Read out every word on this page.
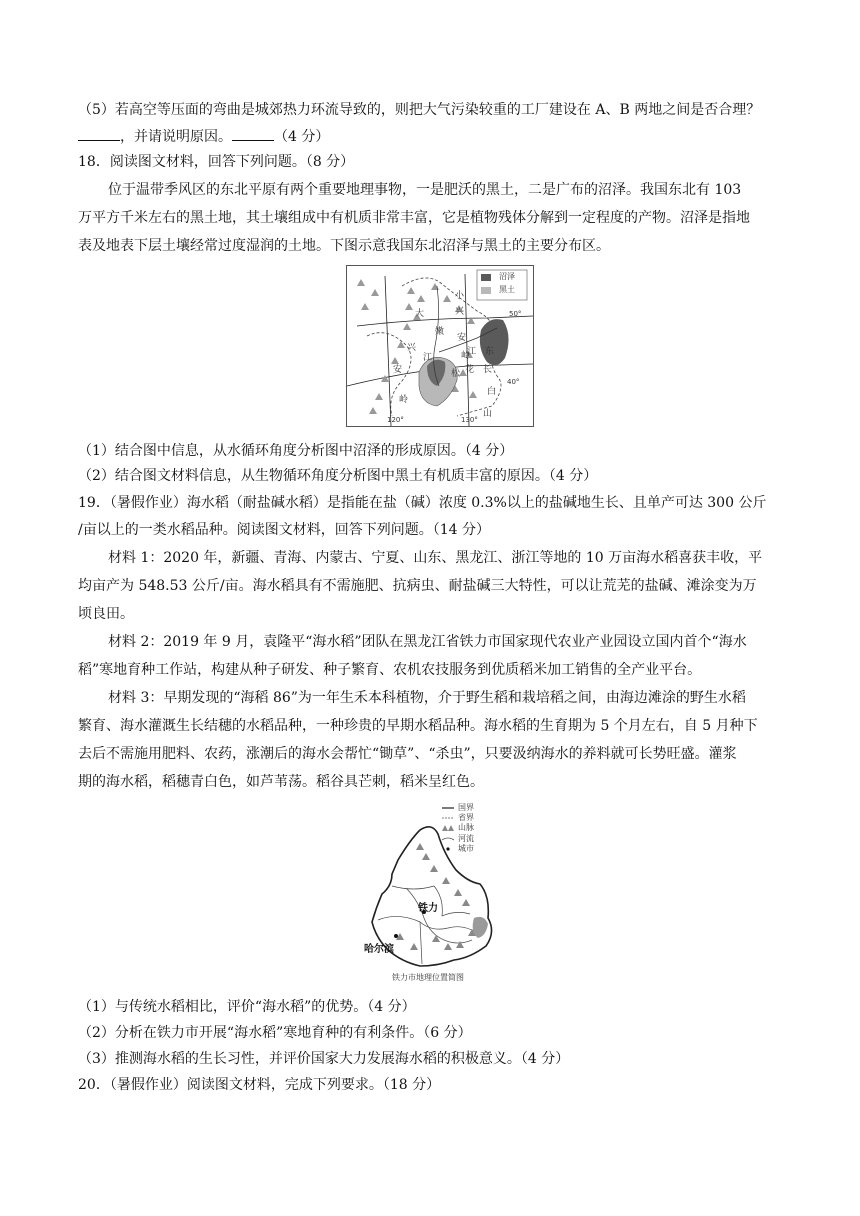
（5）若高空等压面的弯曲是城郊热力环流导致的，则把大气污染较重的工厂建设在 A、B 两地之间是否合理？
，并请说明原因。	（4 分）
18．阅读图文材料，回答下列问题。（8 分）
位于温带季风区的东北平原有两个重要地理事物，一是肥沃的黑土，二是广布的沼泽。我国东北有 103
万平方千米左右的黑土地，其土壤组成中有机质非常丰富，它是植物残体分解到一定程度的产物。沼泽是指地
表及地表下层土壤经常过度湿润的土地。下图示意我国东北沼泽与黑土的主要分布区。
沼泽
黑土
50°
40°
120°	130°
大
兴
安
岭
小
兴
安
岭
嫩
江
松 花
江
长
白
山
东
（1）结合图中信息，从水循环角度分析图中沼泽的形成原因。（4 分）
（2）结合图文材料信息，从生物循环角度分析图中黑土有机质丰富的原因。（4 分）
19．（暑假作业）海水稻（耐盐碱水稻）是指能在盐（碱）浓度 0.3%以上的盐碱地生长、且单产可达 300 公斤
/亩以上的一类水稻品种。阅读图文材料，回答下列问题。（14 分）
材料 1：2020 年，新疆、青海、内蒙古、宁夏、山东、黑龙江、浙江等地的 10 万亩海水稻喜获丰收，平
均亩产为 548.53 公斤/亩。海水稻具有不需施肥、抗病虫、耐盐碱三大特性，可以让荒芜的盐碱、滩涂变为万
顷良田。
材料 2：2019 年 9 月，袁隆平“海水稻”团队在黑龙江省铁力市国家现代农业产业园设立国内首个“海水
稻”寒地育种工作站，构建从种子研发、种子繁育、农机农技服务到优质稻米加工销售的全产业平台。
材料 3：早期发现的“海稻 86”为一年生禾本科植物，介于野生稻和栽培稻之间，由海边滩涂的野生水稻
繁育、海水灌溉生长结穗的水稻品种，一种珍贵的早期水稻品种。海水稻的生育期为 5 个月左右，自 5 月种下
去后不需施用肥料、农药，涨潮后的海水会帮忙“锄草”、“杀虫”，只要汲纳海水的养料就可长势旺盛。灌浆
期的海水稻，稻穗青白色，如芦苇荡。稻谷具芒刺，稻米呈红色。
国界
省界
山脉
河流
城市
铁力
哈尔滨
铁力市地理位置简图
（1）与传统水稻相比，评价“海水稻”的优势。（4 分）
（2）分析在铁力市开展“海水稻”寒地育种的有利条件。（6 分）
（3）推测海水稻的生长习性，并评价国家大力发展海水稻的积极意义。（4 分）
20．（暑假作业）阅读图文材料，完成下列要求。（18 分）
